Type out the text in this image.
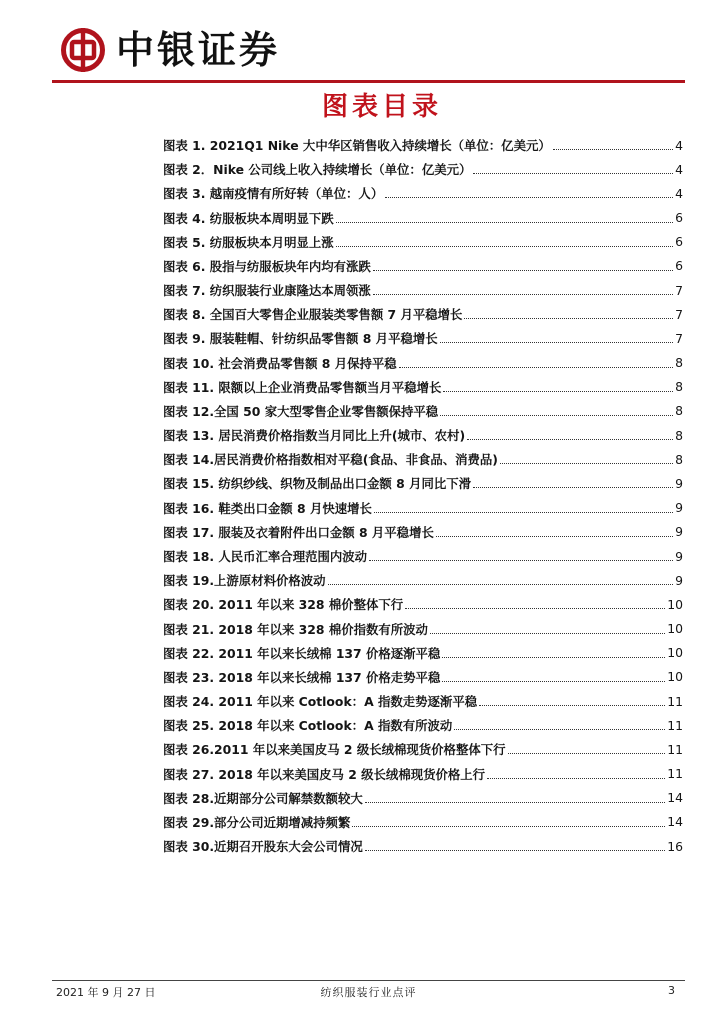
中银证券
图表目录
图表 1. 2021Q1 Nike 大中华区销售收入持续增长（单位：亿美元）	4
图表 2．Nike 公司线上收入持续增长（单位：亿美元）	4
图表 3. 越南疫情有所好转（单位：人）	4
图表 4. 纺服板块本周明显下跌	6
图表 5. 纺服板块本月明显上涨	6
图表 6. 股指与纺服板块年内均有涨跌	6
图表 7. 纺织服装行业康隆达本周领涨	7
图表 8. 全国百大零售企业服装类零售额 7 月平稳增长	7
图表 9. 服装鞋帽、针纺织品零售额 8 月平稳增长	7
图表 10. 社会消费品零售额 8 月保持平稳	8
图表 11. 限额以上企业消费品零售额当月平稳增长	8
图表 12.全国 50 家大型零售企业零售额保持平稳	8
图表 13. 居民消费价格指数当月同比上升(城市、农村)	8
图表 14.居民消费价格指数相对平稳(食品、非食品、消费品)	8
图表 15. 纺织纱线、织物及制品出口金额 8 月同比下滑	9
图表 16. 鞋类出口金额 8 月快速增长	9
图表 17. 服装及衣着附件出口金额 8 月平稳增长	9
图表 18. 人民币汇率合理范围内波动	9
图表 19.上游原材料价格波动	9
图表 20. 2011 年以来 328 棉价整体下行	10
图表 21. 2018 年以来 328 棉价指数有所波动	10
图表 22. 2011 年以来长绒棉 137 价格逐渐平稳	10
图表 23. 2018 年以来长绒棉 137 价格走势平稳	10
图表 24. 2011 年以来 Cotlook：A 指数走势逐渐平稳	11
图表 25. 2018 年以来 Cotlook：A 指数有所波动	11
图表 26.2011 年以来美国皮马 2 级长绒棉现货价格整体下行	11
图表 27. 2018 年以来美国皮马 2 级长绒棉现货价格上行	11
图表 28.近期部分公司解禁数额较大	14
图表 29.部分公司近期增减持频繁	14
图表 30.近期召开股东大会公司情况	16
2021 年 9 月 27 日	纺织服装行业点评	3
